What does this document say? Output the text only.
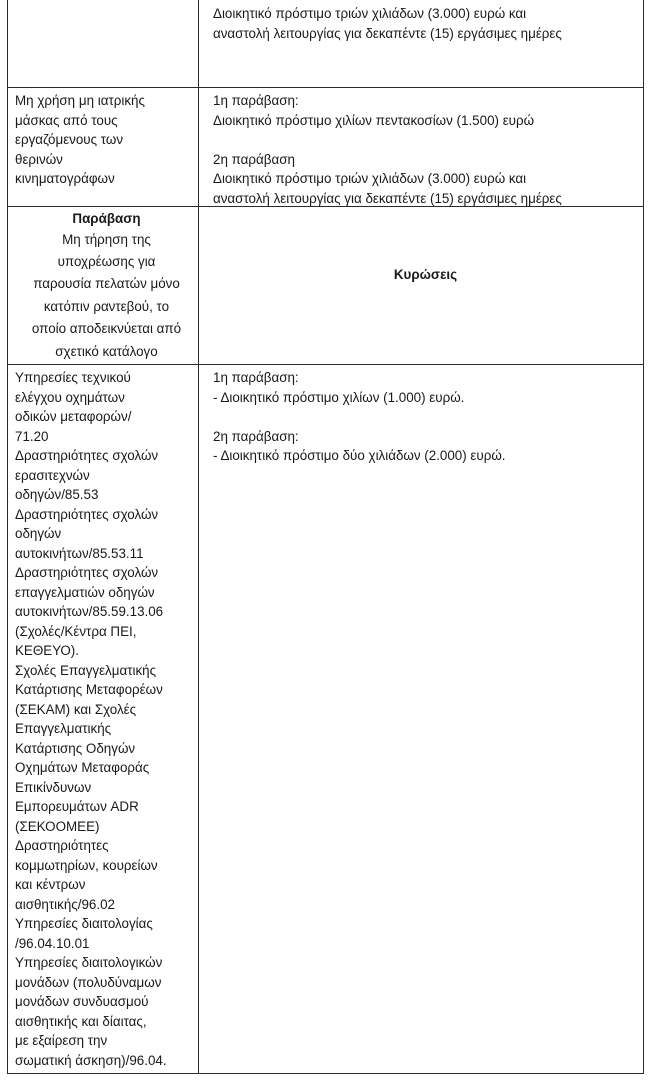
Διοικητικό πρόστιμο τριών χιλιάδων (3.000) ευρώ και
αναστολή λειτουργίας για δεκαπέντε (15) εργάσιμες ημέρες
Μη χρήση μη ιατρικής
μάσκας από τους
εργαζόμενους των
θερινών
κινηματογράφων
1η παράβαση:
Διοικητικό πρόστιμο χιλίων πεντακοσίων (1.500) ευρώ
2η παράβαση
Διοικητικό πρόστιμο τριών χιλιάδων (3.000) ευρώ και
αναστολή λειτουργίας για δεκαπέντε (15) εργάσιμες ημέρες
Παράβαση
Μη τήρηση της
υποχρέωσης για
παρουσία πελατών μόνο
κατόπιν ραντεβού, το
οποίο αποδεικνύεται από
σχετικό κατάλογο
Κυρώσεις
Υπηρεσίες τεχνικού
ελέγχου οχημάτων
οδικών μεταφορών/
71.20
Δραστηριότητες σχολών
ερασιτεχνών
οδηγών/85.53
Δραστηριότητες σχολών
οδηγών
αυτοκινήτων/85.53.11
Δραστηριότητες σχολών
επαγγελματιών οδηγών
αυτοκινήτων/85.59.13.06
(Σχολές/Κέντρα ΠΕΙ,
ΚΕΘΕΥΟ).
Σχολές Επαγγελματικής
Κατάρτισης Μεταφορέων
(ΣΕΚΑΜ) και Σχολές
Επαγγελματικής
Κατάρτισης Οδηγών
Οχημάτων Μεταφοράς
Επικίνδυνων
Εμπορευμάτων ADR
(ΣΕΚΟΟΜΕΕ)
Δραστηριότητες
κομμωτηρίων, κουρείων
και κέντρων
αισθητικής/96.02
Υπηρεσίες διαιτολογίας
/96.04.10.01
Υπηρεσίες διαιτολογικών
μονάδων (πολυδύναμων
μονάδων συνδυασμού
αισθητικής και δίαιτας,
με εξαίρεση την
σωματική άσκηση)/96.04.
1η παράβαση:
- Διοικητικό πρόστιμο χιλίων (1.000) ευρώ.
2η παράβαση:
- Διοικητικό πρόστιμο δύο χιλιάδων (2.000) ευρώ.
